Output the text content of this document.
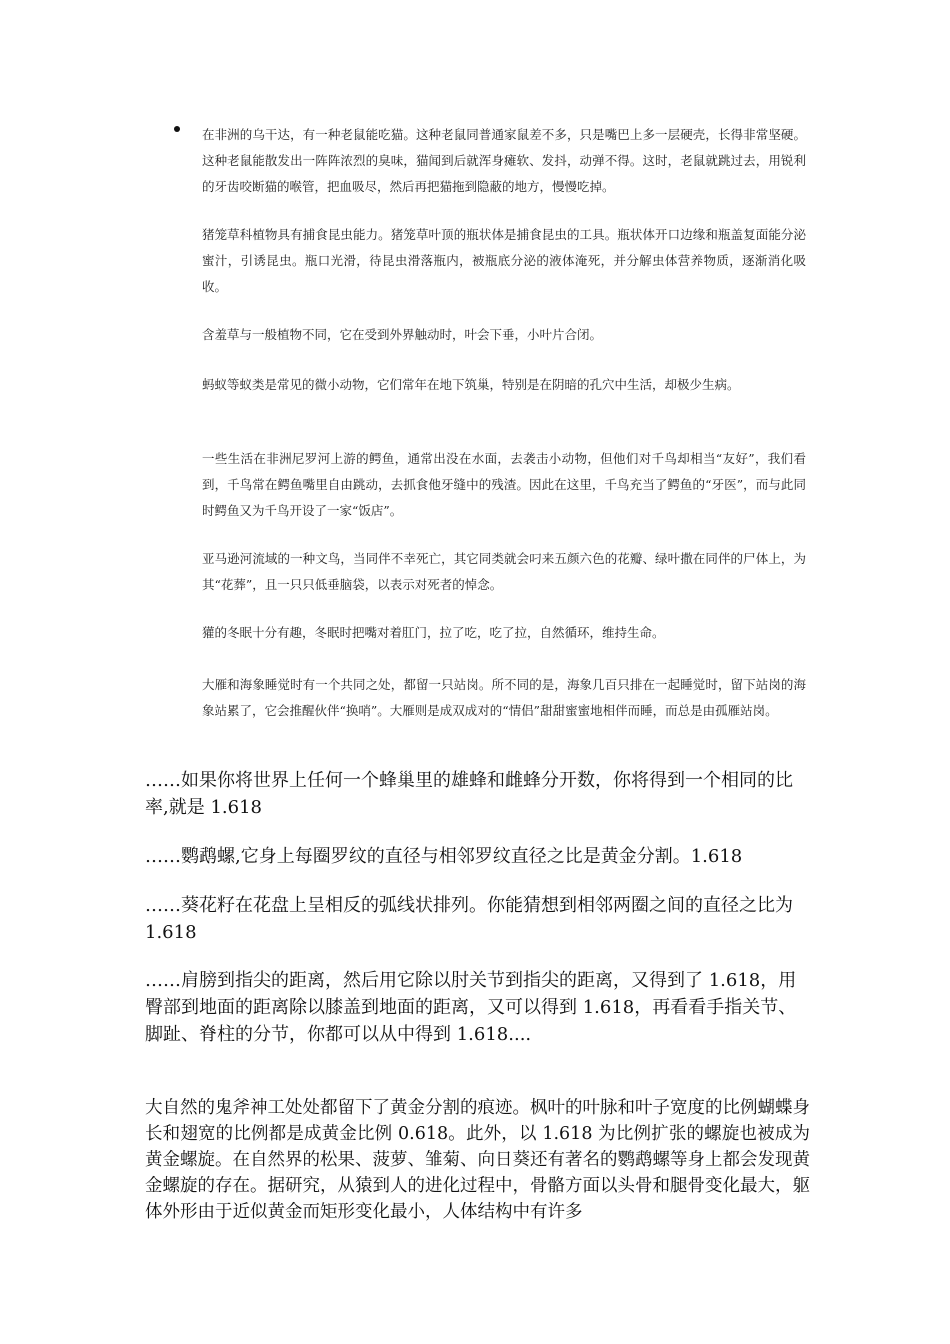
在非洲的乌干达，有一种老鼠能吃猫。这种老鼠同普通家鼠差不多，只是嘴巴上多一层硬壳，长得非常坚硬。这种老鼠能散发出一阵阵浓烈的臭味，猫闻到后就浑身瘫软、发抖，动弹不得。这时，老鼠就跳过去，用锐利的牙齿咬断猫的喉管，把血吸尽，然后再把猫拖到隐蔽的地方，慢慢吃掉。

猪笼草科植物具有捕食昆虫能力。猪笼草叶顶的瓶状体是捕食昆虫的工具。瓶状体开口边缘和瓶盖复面能分泌蜜汁，引诱昆虫。瓶口光滑，待昆虫滑落瓶内，被瓶底分泌的液体淹死，并分解虫体营养物质，逐渐消化吸收。

含羞草与一般植物不同，它在受到外界触动时，叶会下垂，小叶片合闭。

蚂蚁等蚁类是常见的微小动物，它们常年在地下筑巢，特别是在阴暗的孔穴中生活，却极少生病。

一些生活在非洲尼罗河上游的鳄鱼，通常出没在水面，去袭击小动物，但他们对千鸟却相当“友好”，我们看到，千鸟常在鳄鱼嘴里自由跳动，去抓食他牙缝中的残渣。因此在这里，千鸟充当了鳄鱼的“牙医”，而与此同时鳄鱼又为千鸟开设了一家“饭店”。

亚马逊河流域的一种文鸟，当同伴不幸死亡，其它同类就会叼来五颜六色的花瓣、绿叶撒在同伴的尸体上，为其“花葬”，且一只只低垂脑袋，以表示对死者的悼念。

獾的冬眠十分有趣，冬眠时把嘴对着肛门，拉了吃，吃了拉，自然循环，维持生命。

大雁和海象睡觉时有一个共同之处，都留一只站岗。所不同的是，海象几百只排在一起睡觉时，留下站岗的海象站累了，它会推醒伙伴“换哨”。大雁则是成双成对的“情侣”甜甜蜜蜜地相伴而睡，而总是由孤雁站岗。

……如果你将世界上任何一个蜂巢里的雄蜂和雌蜂分开数，你将得到一个相同的比率,就是 1.618

……鹦鹉螺,它身上每圈罗纹的直径与相邻罗纹直径之比是黄金分割。1.618

……葵花籽在花盘上呈相反的弧线状排列。你能猜想到相邻两圈之间的直径之比为 1.618

……肩膀到指尖的距离，然后用它除以肘关节到指尖的距离，又得到了 1.618，用臀部到地面的距离除以膝盖到地面的距离，又可以得到 1.618，再看看手指关节、脚趾、脊柱的分节，你都可以从中得到 1.618....

大自然的鬼斧神工处处都留下了黄金分割的痕迹。枫叶的叶脉和叶子宽度的比例蝴蝶身长和翅宽的比例都是成黄金比例 0.618。此外，以 1.618 为比例扩张的螺旋也被成为黄金螺旋。在自然界的松果、菠萝、雏菊、向日葵还有著名的鹦鹉螺等身上都会发现黄金螺旋的存在。据研究，从猿到人的进化过程中，骨骼方面以头骨和腿骨变化最大，躯体外形由于近似黄金而矩形变化最小，人体结构中有许多
